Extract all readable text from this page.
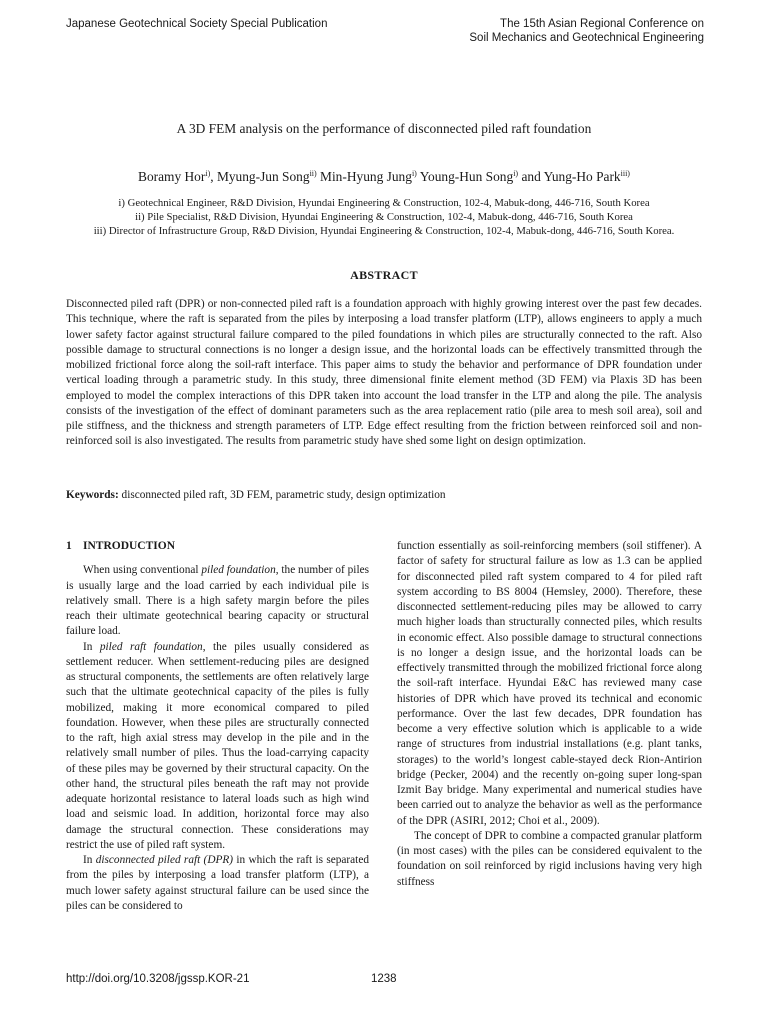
Japanese Geotechnical Society Special Publication	The 15th Asian Regional Conference on
Soil Mechanics and Geotechnical Engineering
A 3D FEM analysis on the performance of disconnected piled raft foundation
Boramy Hor$^{i)}$, Myung-Jun Song$^{ii)}$ Min-Hyung Jung$^{i)}$ Young-Hun Song$^{i)}$ and Yung-Ho Park$^{iii)}$
i) Geotechnical Engineer, R&D Division, Hyundai Engineering & Construction, 102-4, Mabuk-dong, 446-716, South Korea
ii) Pile Specialist, R&D Division, Hyundai Engineering & Construction, 102-4, Mabuk-dong, 446-716, South Korea
iii) Director of Infrastructure Group, R&D Division, Hyundai Engineering & Construction, 102-4, Mabuk-dong, 446-716, South Korea.
ABSTRACT
Disconnected piled raft (DPR) or non-connected piled raft is a foundation approach with highly growing interest over the past few decades. This technique, where the raft is separated from the piles by interposing a load transfer platform (LTP), allows engineers to apply a much lower safety factor against structural failure compared to the piled foundations in which piles are structurally connected to the raft. Also possible damage to structural connections is no longer a design issue, and the horizontal loads can be effectively transmitted through the mobilized frictional force along the soil-raft interface. This paper aims to study the behavior and performance of DPR foundation under vertical loading through a parametric study. In this study, three dimensional finite element method (3D FEM) via Plaxis 3D has been employed to model the complex interactions of this DPR taken into account the load transfer in the LTP and along the pile. The analysis consists of the investigation of the effect of dominant parameters such as the area replacement ratio (pile area to mesh soil area), soil and pile stiffness, and the thickness and strength parameters of LTP. Edge effect resulting from the friction between reinforced soil and non-reinforced soil is also investigated. The results from parametric study have shed some light on design optimization.
Keywords: disconnected piled raft, 3D FEM, parametric study, design optimization
1 INTRODUCTION

When using conventional piled foundation, the number of piles is usually large and the load carried by each individual pile is relatively small. There is a high safety margin before the piles reach their ultimate geotechnical bearing capacity or structural failure load.

In piled raft foundation, the piles usually considered as settlement reducer. When settlement-reducing piles are designed as structural components, the settlements are often relatively large such that the ultimate geotechnical capacity of the piles is fully mobilized, making it more economical compared to piled foundation. However, when these piles are structurally connected to the raft, high axial stress may develop in the pile and in the relatively small number of piles. Thus the load-carrying capacity of these piles may be governed by their structural capacity. On the other hand, the structural piles beneath the raft may not provide adequate horizontal resistance to lateral loads such as high wind load and seismic load. In addition, horizontal force may also damage the structural connection. These considerations may restrict the use of piled raft system.

In disconnected piled raft (DPR) in which the raft is separated from the piles by interposing a load transfer platform (LTP), a much lower safety against structural failure can be used since the piles can be considered to

function essentially as soil-reinforcing members (soil stiffener). A factor of safety for structural failure as low as 1.3 can be applied for disconnected piled raft system compared to 4 for piled raft system according to BS 8004 (Hemsley, 2000). Therefore, these disconnected settlement-reducing piles may be allowed to carry much higher loads than structurally connected piles, which results in economic effect. Also possible damage to structural connections is no longer a design issue, and the horizontal loads can be effectively transmitted through the mobilized frictional force along the soil-raft interface. Hyundai E&C has reviewed many case histories of DPR which have proved its technical and economic performance. Over the last few decades, DPR foundation has become a very effective solution which is applicable to a wide range of structures from industrial installations (e.g. plant tanks, storages) to the world’s longest cable-stayed deck Rion-Antirion bridge (Pecker, 2004) and the recently on-going super long-span Izmit Bay bridge. Many experimental and numerical studies have been carried out to analyze the behavior as well as the performance of the DPR (ASIRI, 2012; Choi et al., 2009).

The concept of DPR to combine a compacted granular platform (in most cases) with the piles can be considered equivalent to the foundation on soil reinforced by rigid inclusions having very high stiffness

http://doi.org/10.3208/jgssp.KOR-21	1238
